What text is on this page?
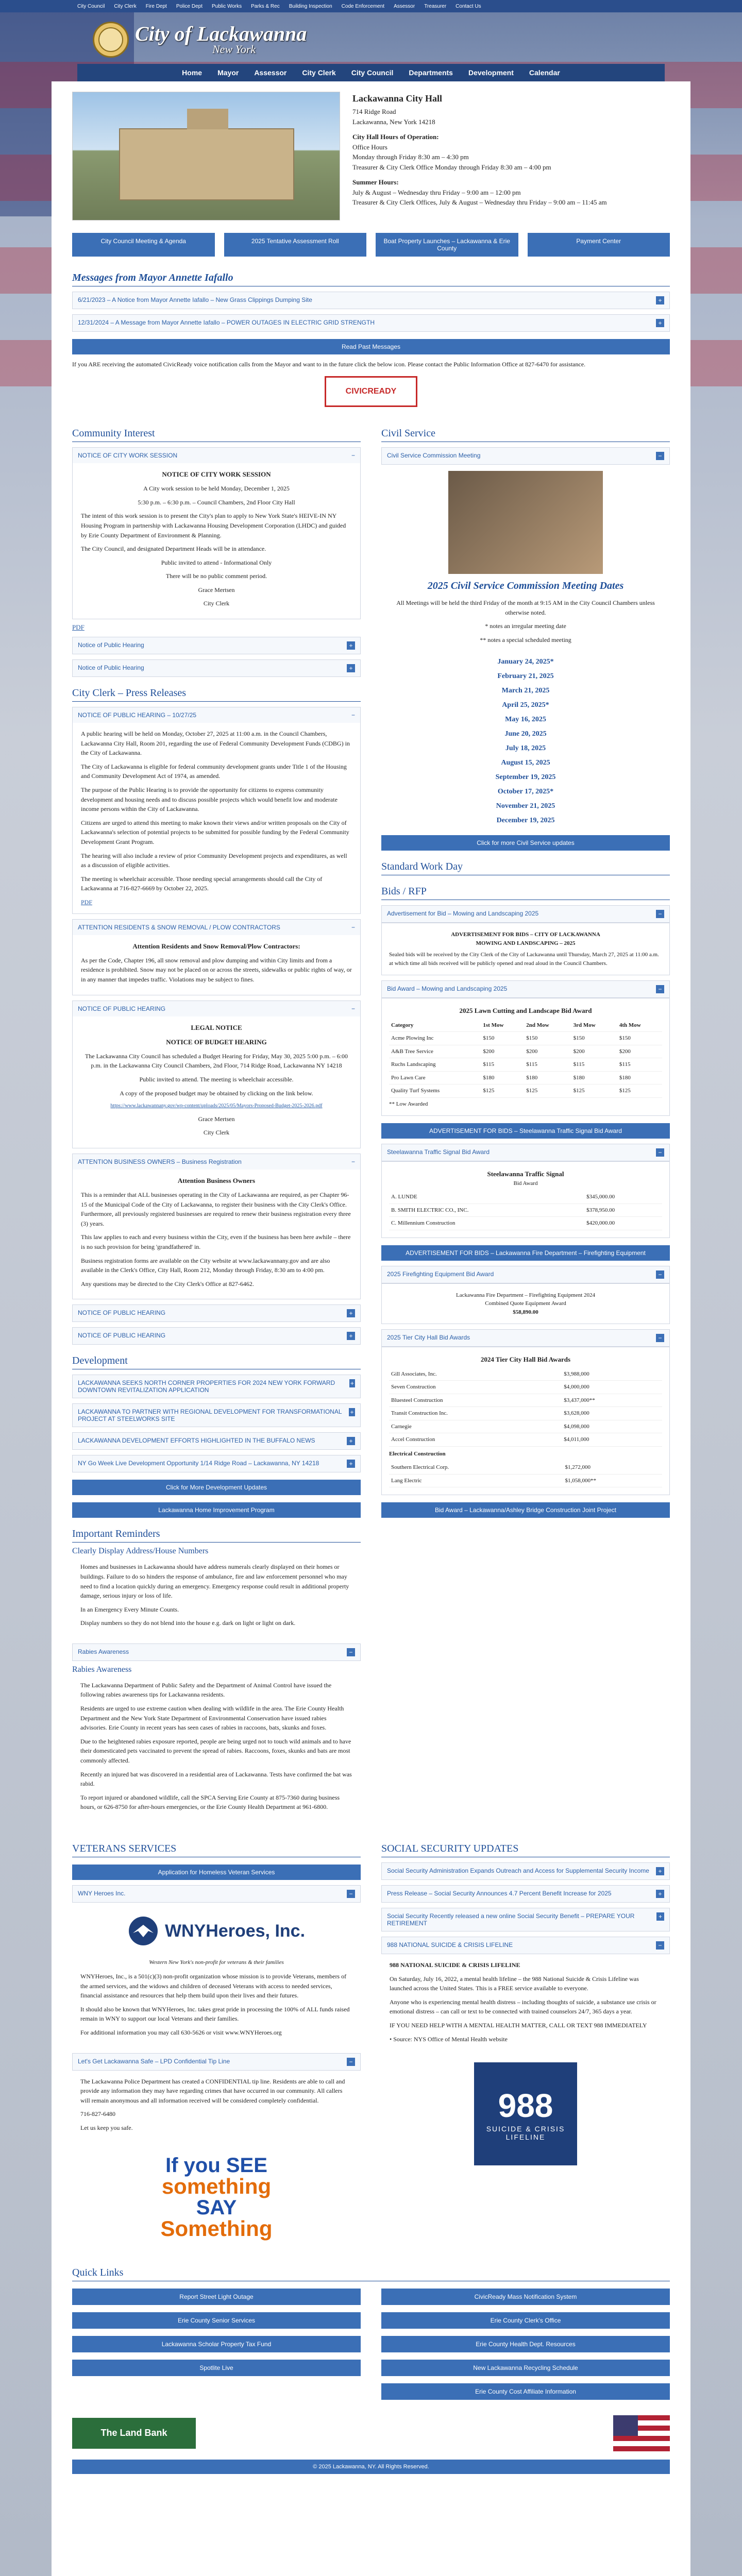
City Council City Clerk Fire Dept Police Dept Public Works Parks & Rec Building Inspection Code Enforcement Assessor Treasurer Contact Us
City of Lackawanna
New York
Home Mayor Assessor City Clerk City Council Departments Development Calendar
Lackawanna City Hall
714 Ridge Road
Lackawanna, New York 14218
City Hall Hours of Operation:
Office Hours
Monday through Friday 8:30 am – 4:30 pm
Treasurer & City Clerk Office Monday through Friday 8:30 am – 4:00 pm
Summer Hours:
July & August – Wednesday thru Friday – 9:00 am – 12:00 pm
Treasurer & City Clerk Offices, July & August – Wednesday thru Friday – 9:00 am – 11:45 am
City Council Meeting & Agenda	2025 Tentative Assessment Roll	Boat Property Launches – Lackawanna & Erie County
Payment Center
Messages from Mayor Annette Iafallo
6/21/2023 – A Notice from Mayor Annette Iafallo – New Grass Clippings Dumping Site	+
12/31/2024 – A Message from Mayor Annette Iafallo – POWER OUTAGES IN ELECTRIC GRID STRENGTH	+
Read Past Messages
If you ARE receiving the automated CivicReady voice notification calls from the Mayor and want to in the future click the below icon. Please contact the Public Information Office at 827-6470 for assistance.
CIVICREADY
Community Interest
NOTICE OF CITY WORK SESSION	−
NOTICE OF CITY WORK SESSION

A City work session to be held Monday, December 1, 2025

5:30 p.m. – 6:30 p.m. – Council Chambers, 2nd Floor City Hall

The intent of this work session is to present the City's plan to apply to New York State's HEIVE-IN NY Housing Program in partnership with Lackawanna Housing Development Corporation (LHDC) and guided by Erie County Department of Environment & Planning.

The City Council, and designated Department Heads will be in attendance.

Public invited to attend - Informational Only

There will be no public comment period.

Grace Mertsen

City Clerk

PDF
Notice of Public Hearing	+
Notice of Public Hearing	+
City Clerk – Press Releases
NOTICE OF PUBLIC HEARING – 10/27/25	−

A public hearing will be held on Monday, October 27, 2025 at 11:00 a.m. in the Council Chambers, Lackawanna City Hall, Room 201, regarding the use of Federal Community Development Funds (CDBG) in the City of Lackawanna.

The City of Lackawanna is eligible for federal community development grants under Title 1 of the Housing and Community Development Act of 1974, as amended.

The purpose of the Public Hearing is to provide the opportunity for citizens to express community development and housing needs and to discuss possible projects which would benefit low and moderate income persons within the City of Lackawanna.

Citizens are urged to attend this meeting to make known their views and/or written proposals on the City of Lackawanna's selection of potential projects to be submitted for possible funding by the Federal Community Development Grant Program.

The hearing will also include a review of prior Community Development projects and expenditures, as well as a discussion of eligible activities.

The meeting is wheelchair accessible. Those needing special arrangements should call the City of Lackawanna at 716-827-6669 by October 22, 2025.

PDF
ATTENTION RESIDENTS & SNOW REMOVAL / PLOW CONTRACTORS	−
Attention Residents and Snow Removal/Plow Contractors:

As per the Code, Chapter 196, all snow removal and plow dumping and within City limits and from a residence is prohibited. Snow may not be placed on or across the streets, sidewalks or public rights of way, or in any manner that impedes traffic. Violations may be subject to fines.

NOTICE OF PUBLIC HEARING	−
LEGAL NOTICE
NOTICE OF BUDGET HEARING

The Lackawanna City Council has scheduled a Budget Hearing for Friday, May 30, 2025 5:00 p.m. – 6:00 p.m. in the Lackawanna City Council Chambers, 2nd Floor, 714 Ridge Road, Lackawanna NY 14218

Public invited to attend. The meeting is wheelchair accessible.

A copy of the proposed budget may be obtained by clicking on the link below.

https://www.lackawannany.gov/wp-content/uploads/2025/05/Mayors-Proposed-Budget-2025-2026.pdf

Grace Mertsen

City Clerk

ATTENTION BUSINESS OWNERS – Business Registration	−
Attention Business Owners

This is a reminder that ALL businesses operating in the City of Lackawanna are required, as per Chapter 96-15 of the Municipal Code of the City of Lackawanna, to register their business with the City Clerk's Office. Furthermore, all previously registered businesses are required to renew their business registration every three (3) years.

This law applies to each and every business within the City, even if the business has been here awhile – there is no such provision for being 'grandfathered' in.

Business registration forms are available on the City website at www.lackawannany.gov and are also available in the Clerk's Office, City Hall, Room 212, Monday through Friday, 8:30 am to 4:00 pm.

Any questions may be directed to the City Clerk's Office at 827-6462.

NOTICE OF PUBLIC HEARING	+
NOTICE OF PUBLIC HEARING	+
Development
LACKAWANNA SEEKS NORTH CORNER PROPERTIES FOR 2024 NEW YORK FORWARD DOWNTOWN REVITALIZATION APPLICATION
+
LACKAWANNA TO PARTNER WITH REGIONAL DEVELOPMENT FOR TRANSFORMATIONAL PROJECT AT STEELWORKS SITE
+
LACKAWANNA DEVELOPMENT EFFORTS HIGHLIGHTED IN THE BUFFALO NEWS	+
NY Go Week Live Development Opportunity 1/14 Ridge Road – Lackawanna, NY 14218	+
Click for More Development Updates
Lackawanna Home Improvement Program
Important Reminders
Clearly Display Address/House Numbers

Homes and businesses in Lackawanna should have address numerals clearly displayed on their homes or buildings. Failure to do so hinders the response of ambulance, fire and law enforcement personnel who may need to find a location quickly during an emergency. Emergency response could result in additional property damage, serious injury or loss of life.

In an Emergency Every Minute Counts.

Display numbers so they do not blend into the house e.g. dark on light or light on dark.

Rabies Awareness	−
Rabies Awareness

The Lackawanna Department of Public Safety and the Department of Animal Control have issued the following rabies awareness tips for Lackawanna residents.

Residents are urged to use extreme caution when dealing with wildlife in the area. The Erie County Health Department and the New York State Department of Environmental Conservation have issued rabies advisories. Erie County in recent years has seen cases of rabies in raccoons, bats, skunks and foxes.

Due to the heightened rabies exposure reported, people are being urged not to touch wild animals and to have their domesticated pets vaccinated to prevent the spread of rabies. Raccoons, foxes, skunks and bats are most commonly affected.

Recently an injured bat was discovered in a residential area of Lackawanna. Tests have confirmed the bat was rabid.

To report injured or abandoned wildlife, call the SPCA Serving Erie County at 875-7360 during business hours, or 626-8750 for after-hours emergencies, or the Erie County Health Department at 961-6800.

Civil Service
Civil Service Commission Meeting	−
2025 Civil Service Commission Meeting Dates

All Meetings will be held the third Friday of the month at 9:15 AM in the City Council Chambers unless otherwise noted.

* notes an irregular meeting date

** notes a special scheduled meeting

January 24, 2025*
February 21, 2025
March 21, 2025
April 25, 2025*
May 16, 2025
June 20, 2025
July 18, 2025
August 15, 2025
September 19, 2025
October 17, 2025*
November 21, 2025
December 19, 2025
Click for more Civil Service updates
Standard Work Day
Bids / RFP
Advertisement for Bid – Mowing and Landscaping 2025	−
ADVERTISEMENT FOR BIDS – CITY OF LACKAWANNA
MOWING AND LANDSCAPING – 2025
Sealed bids will be received by the City Clerk of the City of Lackawanna until Thursday, March 27, 2025 at 11:00 a.m. at which time all bids received will be publicly opened and read aloud in the Council Chambers.
Bid Award – Mowing and Landscaping 2025	−
2025 Lawn Cutting and Landscape Bid Award
Category	1st Mow	2nd Mow	3rd Mow	4th Mow
Acme Plowing Inc	$150	$150	$150	$150
A&B Tree Service	$200	$200	$200	$200
Ruchs Landscaping	$115	$115	$115	$115
Pro Lawn Care	$180	$180	$180	$180
Quality Turf Systems	$125	$125	$125	$125
** Low Awarded
ADVERTISEMENT FOR BIDS – Steelawanna Traffic Signal Bid Award
Steelawanna Traffic Signal Bid Award	−
Steelawanna Traffic Signal
Bid Award
A. LUNDE	$345,000.00
B. SMITH ELECTRIC CO., INC.	$378,950.00
C. Millennium Construction	$420,000.00
ADVERTISEMENT FOR BIDS – Lackawanna Fire Department – Firefighting Equipment
2025 Firefighting Equipment Bid Award	−
Lackawanna Fire Department – Firefighting Equipment 2024
Combined Quote Equipment Award
$58,890.00
2025 Tier City Hall Bid Awards	−
2024 Tier City Hall Bid Awards
Gill Associates, Inc.	$3,988,000
Seven Construction	$4,000,000
Bluesteel Construction	$3,437,000**
Transit Construction Inc.	$3,628,000
Carnegie	$4,098,000
Accel Construction	$4,011,000
Electrical Construction
Southern Electrical Corp.	$1,272,000
Lang Electric	$1,058,000**
Bid Award – Lackawanna/Ashley Bridge Construction Joint Project
VETERANS SERVICES
Application for Homeless Veteran Services
WNY Heroes Inc.	−
WNYHeroes, Inc.
Western New York's non-profit for veterans & their families

WNYHeroes, Inc., is a 501(c)(3) non-profit organization whose mission is to provide Veterans, members of the armed services, and the widows and children of deceased Veterans with access to needed services, financial assistance and resources that help them build upon their lives and their futures.

It should also be known that WNYHeroes, Inc. takes great pride in processing the 100% of ALL funds raised remain in WNY to support our local Veterans and their families.

For additional information you may call 630-5626 or visit www.WNYHeroes.org

Let's Get Lackawanna Safe – LPD Confidential Tip Line	−

The Lackawanna Police Department has created a CONFIDENTIAL tip line. Residents are able to call and provide any information they may have regarding crimes that have occurred in our community. All callers will remain anonymous and all information received will be considered completely confidential.

716-827-6480

Let us keep you safe.

If you SEE
something
SAY
Something
SOCIAL SECURITY UPDATES
Social Security Administration Expands Outreach and Access for Supplemental Security Income	+
Press Release – Social Security Announces 4.7 Percent Benefit Increase for 2025	+
Social Security Recently released a new online Social Security Benefit – PREPARE YOUR RETIREMENT
+
988 NATIONAL SUICIDE & CRISIS LIFELINE	−

988 NATIONAL SUICIDE & CRISIS LIFELINE

On Saturday, July 16, 2022, a mental health lifeline – the 988 National Suicide & Crisis Lifeline was launched across the United States. This is a FREE service available to everyone.

Anyone who is experiencing mental health distress – including thoughts of suicide, a substance use crisis or emotional distress – can call or text to be connected with trained counselors 24/7, 365 days a year.

IF YOU NEED HELP WITH A MENTAL HEALTH MATTER, CALL OR TEXT 988 IMMEDIATELY

• Source: NYS Office of Mental Health website

988
SUICIDE & CRISIS LIFELINE
Quick Links
Report Street Light Outage	CivicReady Mass Notification System
Erie County Senior Services	Erie County Clerk's Office
Lackawanna Scholar Property Tax Fund	Erie County Health Dept. Resources
Spotlite Live	New Lackawanna Recycling Schedule
Erie County Cost Affiliate Information
The Land Bank
© 2025 Lackawanna, NY. All Rights Reserved.
